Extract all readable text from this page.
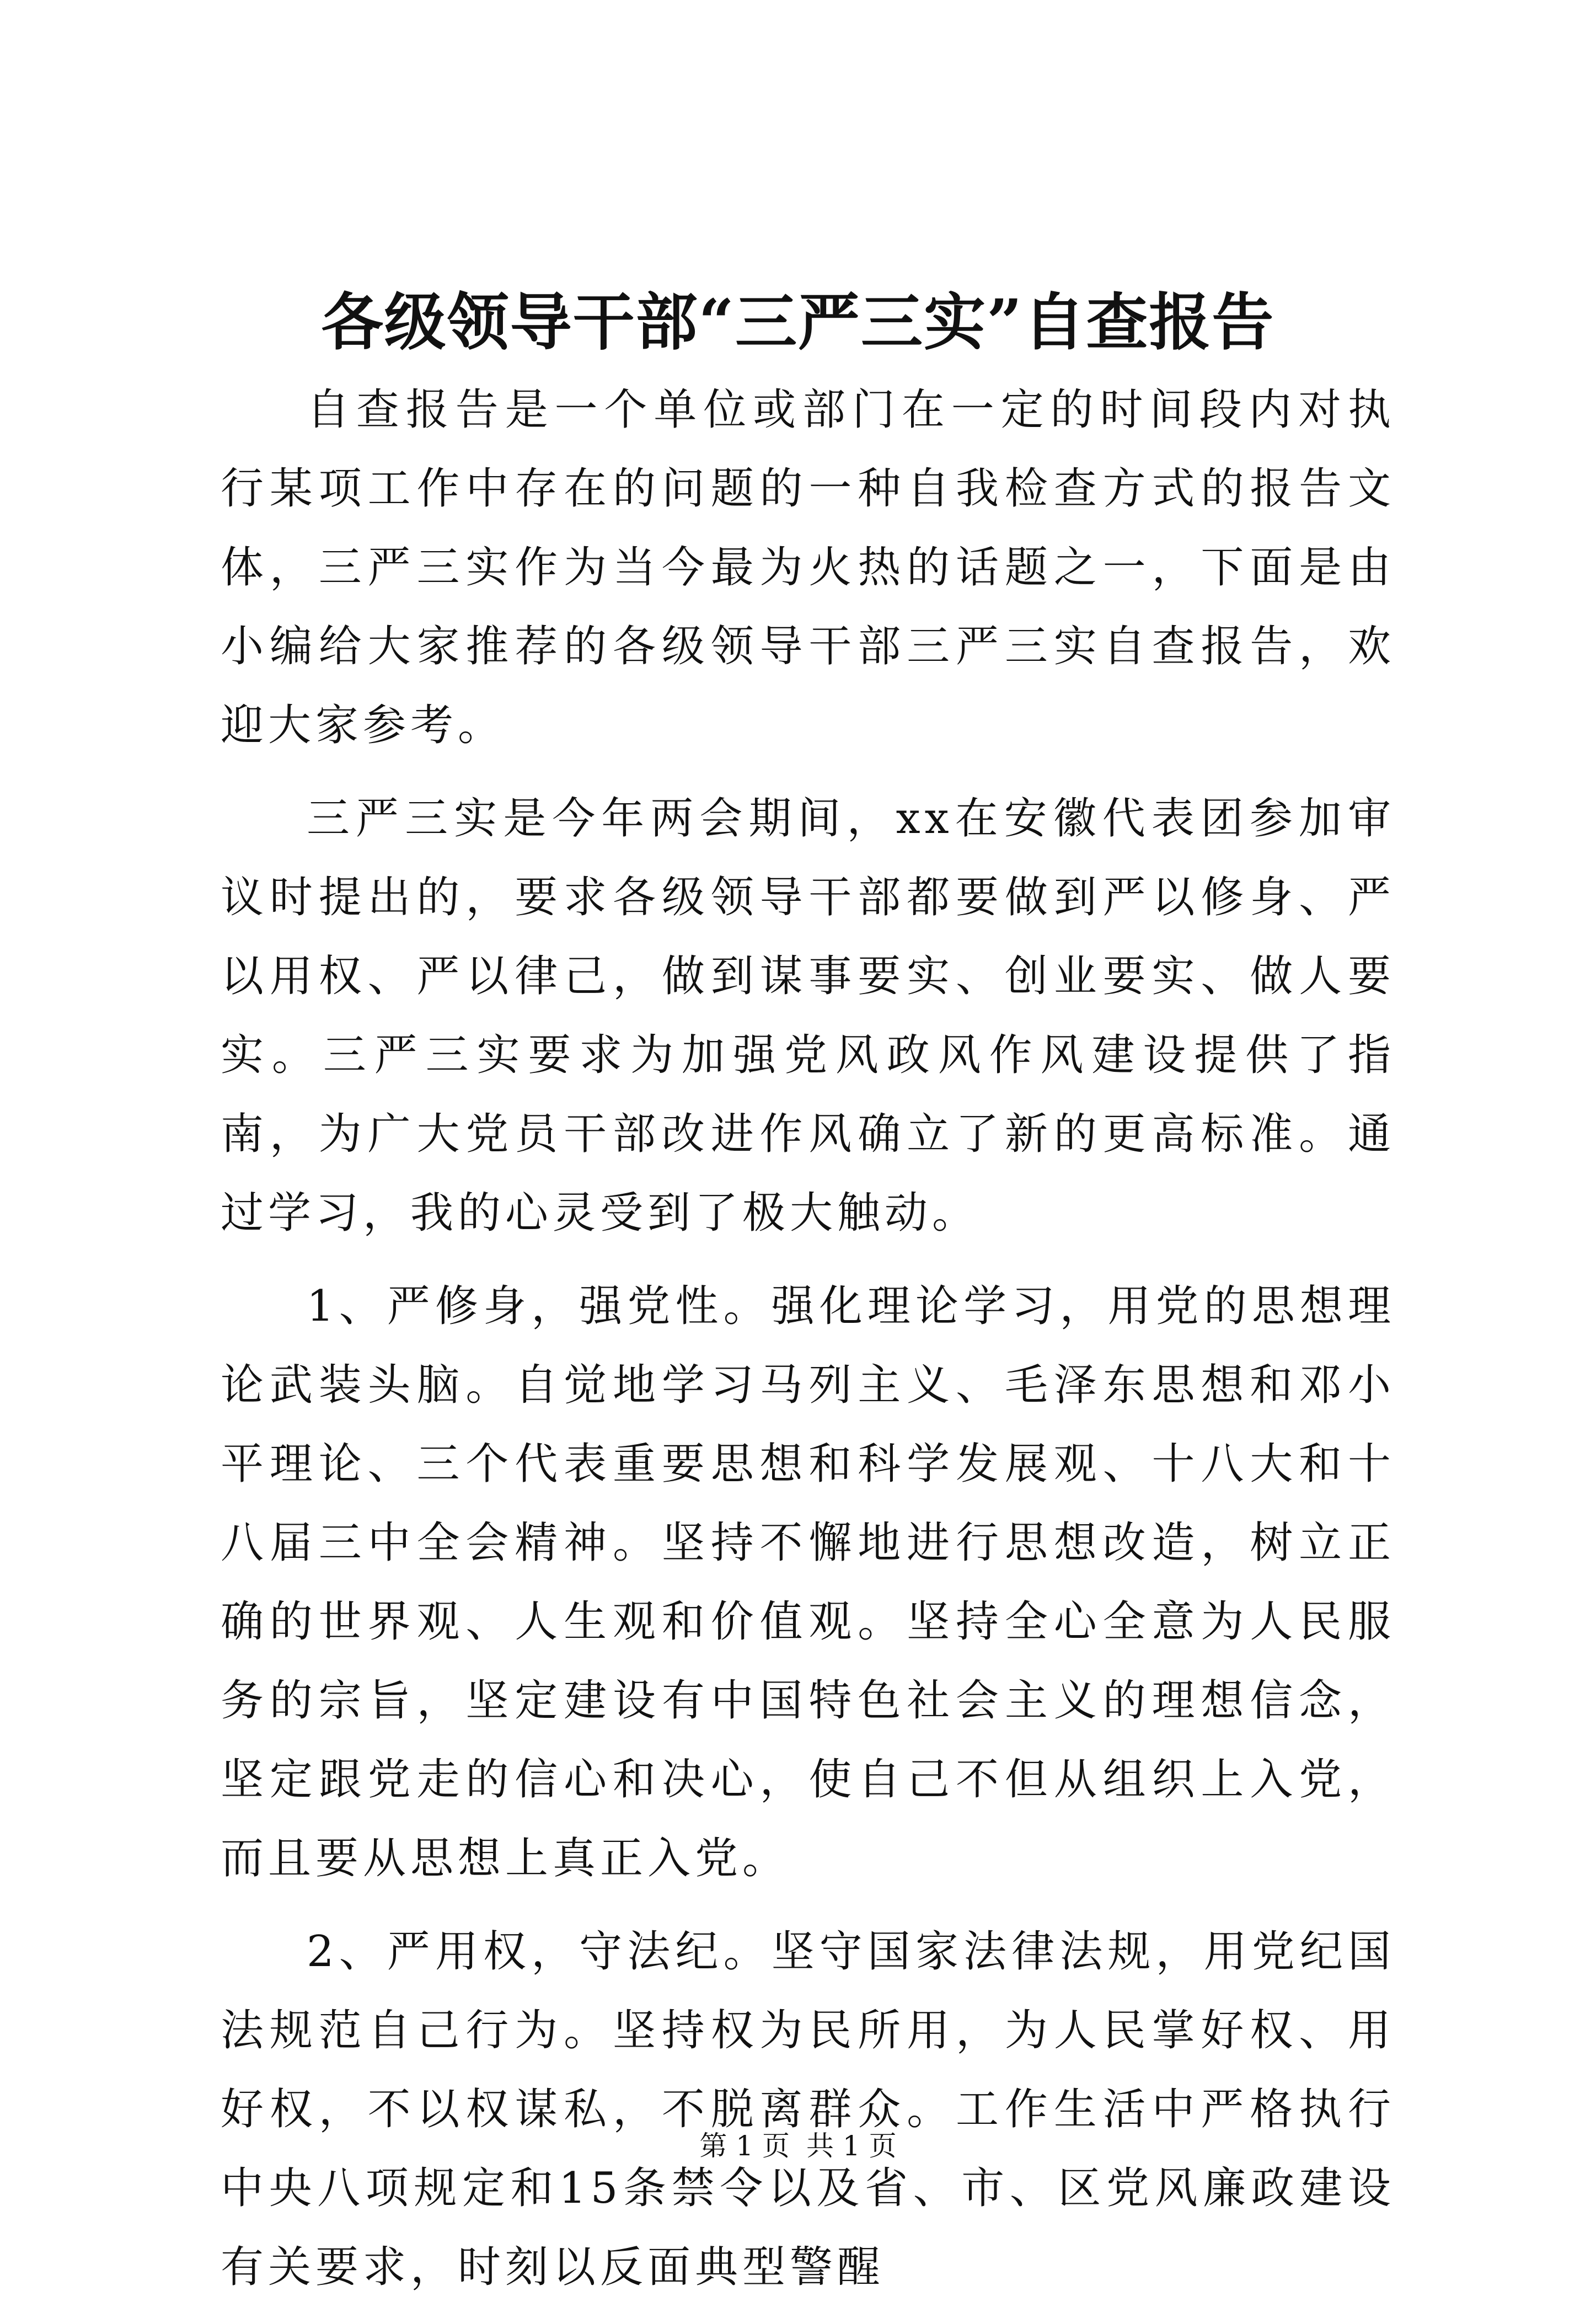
各级领导干部“三严三实”自查报告

自查报告是一个单位或部门在一定的时间段内对执行某项工作中存在的问题的一种自我检查方式的报告文体，三严三实作为当今最为火热的话题之一，下面是由小编给大家推荐的各级领导干部三严三实自查报告，欢迎大家参考。

三严三实是今年两会期间，xx在安徽代表团参加审议时提出的，要求各级领导干部都要做到严以修身、严以用权、严以律己，做到谋事要实、创业要实、做人要实。三严三实要求为加强党风政风作风建设提供了指南，为广大党员干部改进作风确立了新的更高标准。通过学习，我的心灵受到了极大触动。

1、严修身，强党性。强化理论学习，用党的思想理论武装头脑。自觉地学习马列主义、毛泽东思想和邓小平理论、三个代表重要思想和科学发展观、十八大和十八届三中全会精神。坚持不懈地进行思想改造，树立正确的世界观、人生观和价值观。坚持全心全意为人民服务的宗旨，坚定建设有中国特色社会主义的理想信念，坚定跟党走的信心和决心，使自己不但从组织上入党，而且要从思想上真正入党。

2、严用权，守法纪。坚守国家法律法规，用党纪国法规范自己行为。坚持权为民所用，为人民掌好权、用好权，不以权谋私，不脱离群众。工作生活中严格执行中央八项规定和15条禁令以及省、市、区党风廉政建设有关要求，时刻以反面典型警醒

第 1 页 共 1 页
